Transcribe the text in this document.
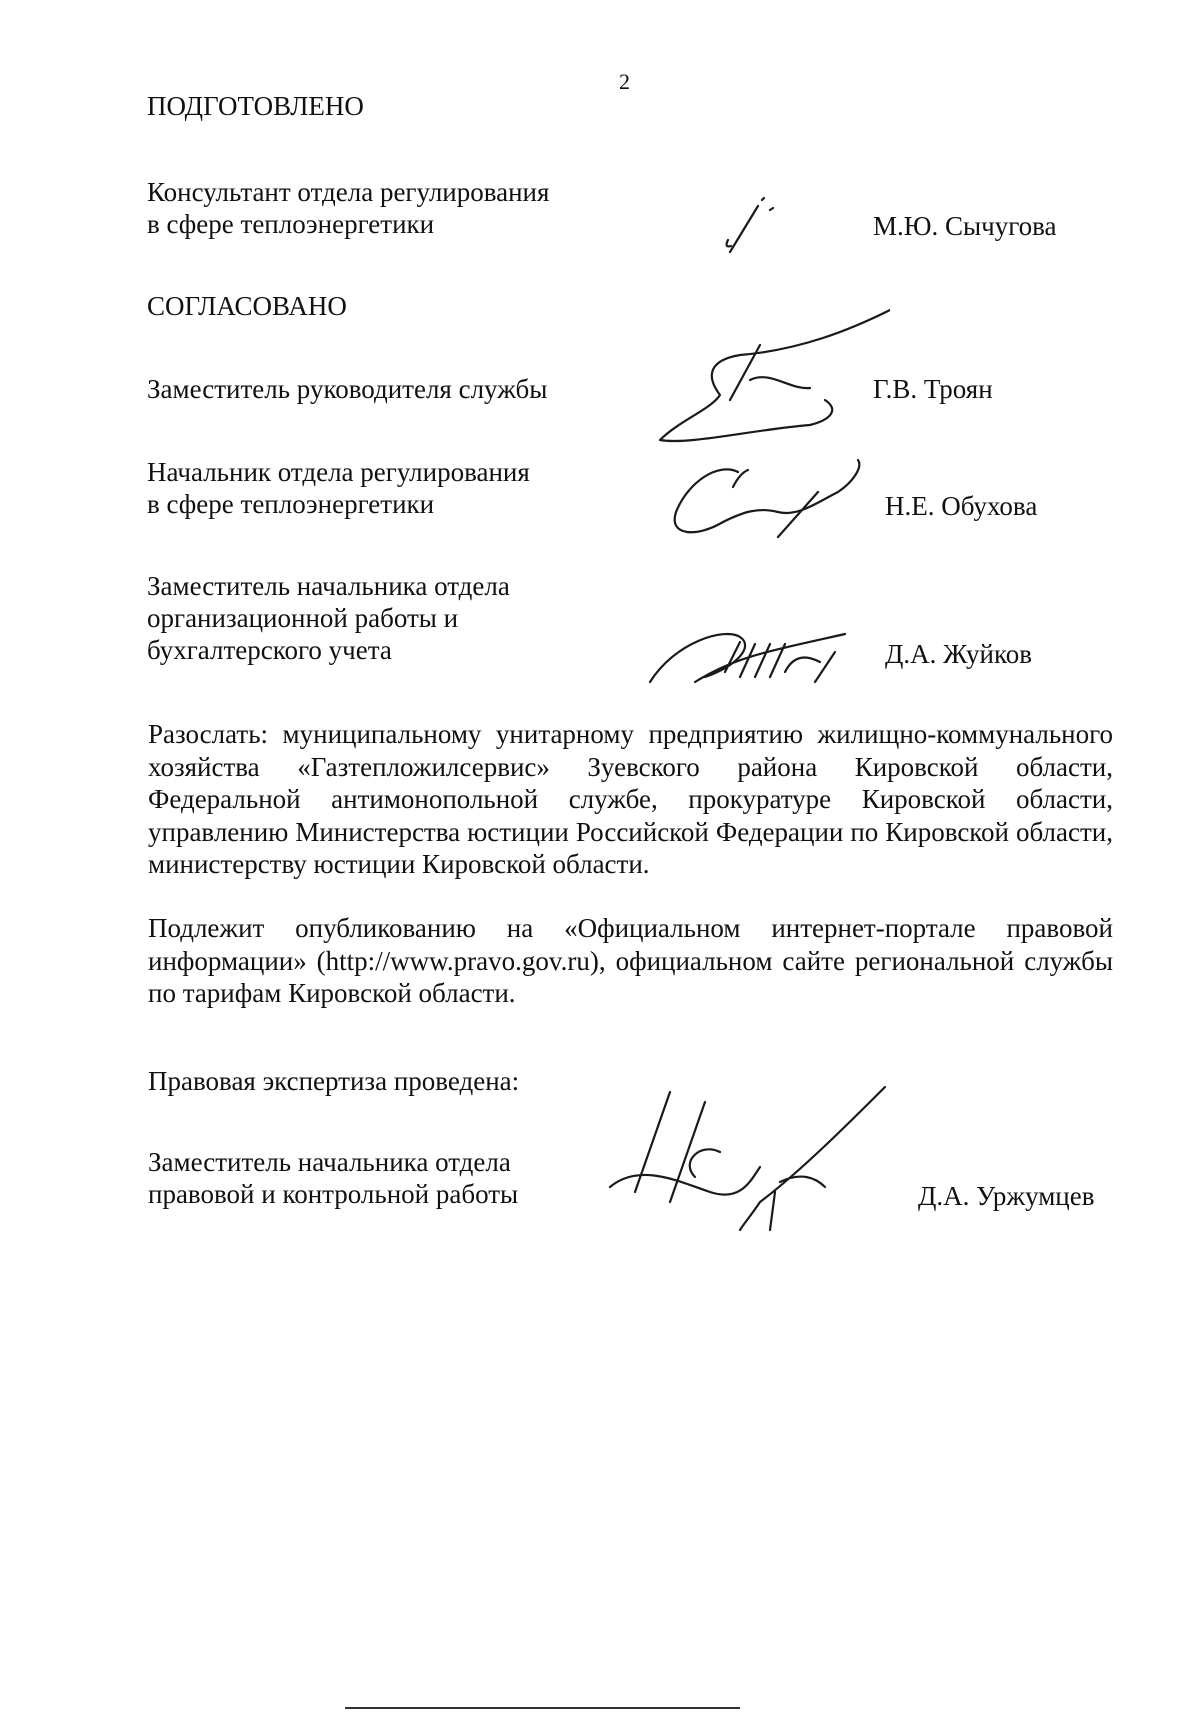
2
ПОДГОТОВЛЕНО
Консультант отдела регулирования
в сфере теплоэнергетики	М.Ю. Сычугова
СОГЛАСОВАНО
Заместитель руководителя службы	Г.В. Троян
Начальник отдела регулирования
в сфере теплоэнергетики	Н.Е. Обухова
Заместитель начальника отдела
организационной работы и
бухгалтерского учета	Д.А. Жуйков
Разослать: муниципальному унитарному предприятию жилищно-коммунального хозяйства «Газтепложилсервис» Зуевского района Кировской области, Федеральной антимонопольной службе, прокуратуре Кировской области, управлению Министерства юстиции Российской Федерации по Кировской области, министерству юстиции Кировской области.
Подлежит опубликованию на «Официальном интернет-портале правовой информации» (http://www.pravo.gov.ru), официальном сайте региональной службы по тарифам Кировской области.
Правовая экспертиза проведена:
Заместитель начальника отдела
правовой и контрольной работы	Д.А. Уржумцев
